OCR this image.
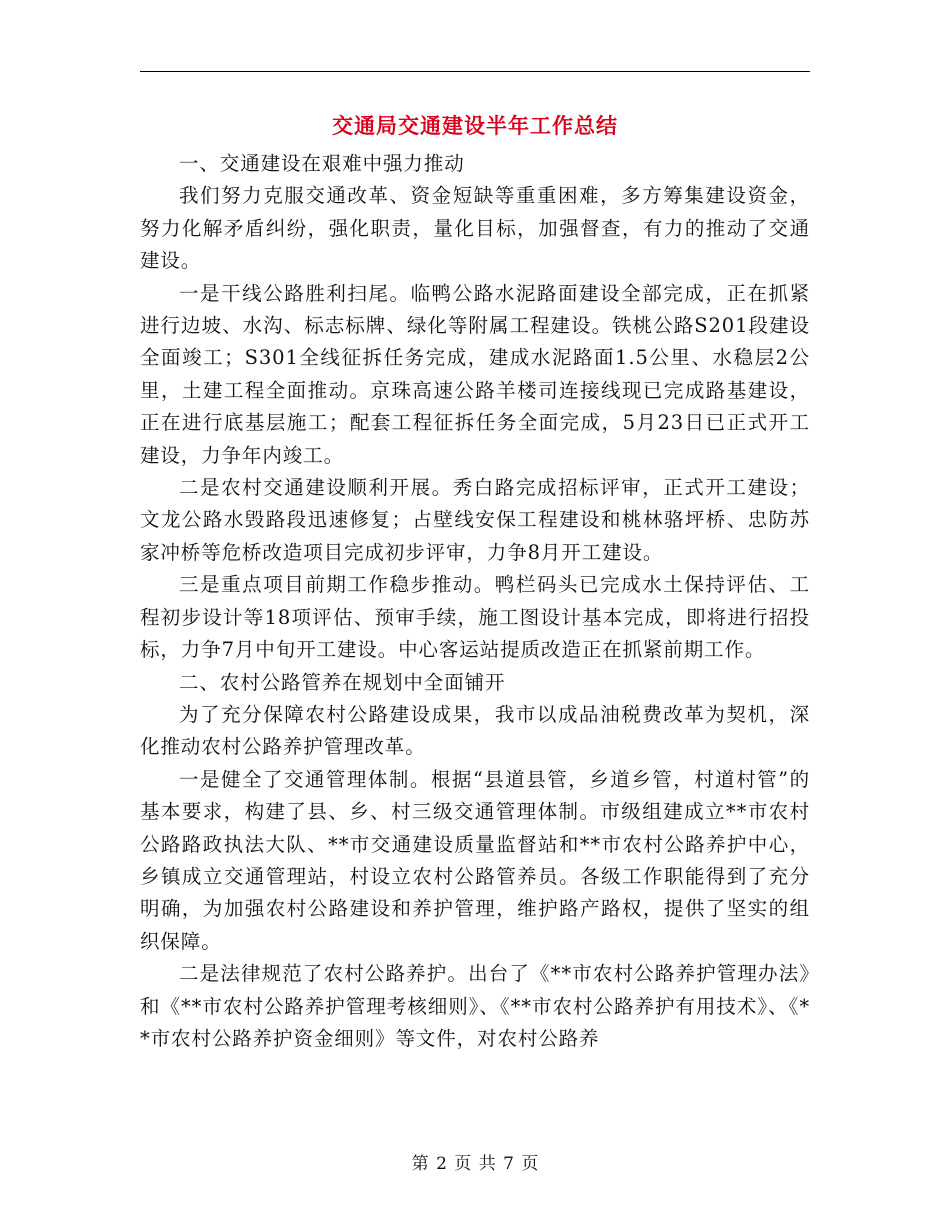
交通局交通建设半年工作总结

一、交通建设在艰难中强力推动

我们努力克服交通改革、资金短缺等重重困难，多方筹集建设资金，努力化解矛盾纠纷，强化职责，量化目标，加强督查，有力的推动了交通建设。

一是干线公路胜利扫尾。临鸭公路水泥路面建设全部完成，正在抓紧进行边坡、水沟、标志标牌、绿化等附属工程建设。铁桃公路S201段建设全面竣工；S301全线征拆任务完成，建成水泥路面1.5公里、水稳层2公里，土建工程全面推动。京珠高速公路羊楼司连接线现已完成路基建设，正在进行底基层施工；配套工程征拆任务全面完成，5月23日已正式开工建设，力争年内竣工。

二是农村交通建设顺利开展。秀白路完成招标评审，正式开工建设；文龙公路水毁路段迅速修复；占壁线安保工程建设和桃林骆坪桥、忠防苏家冲桥等危桥改造项目完成初步评审，力争8月开工建设。

三是重点项目前期工作稳步推动。鸭栏码头已完成水土保持评估、工程初步设计等18项评估、预审手续，施工图设计基本完成，即将进行招投标，力争7月中旬开工建设。中心客运站提质改造正在抓紧前期工作。

二、农村公路管养在规划中全面铺开

为了充分保障农村公路建设成果，我市以成品油税费改革为契机，深化推动农村公路养护管理改革。

一是健全了交通管理体制。根据“县道县管，乡道乡管，村道村管”的基本要求，构建了县、乡、村三级交通管理体制。市级组建成立**市农村公路路政执法大队、**市交通建设质量监督站和**市农村公路养护中心，乡镇成立交通管理站，村设立农村公路管养员。各级工作职能得到了充分明确，为加强农村公路建设和养护管理，维护路产路权，提供了坚实的组织保障。

二是法律规范了农村公路养护。出台了《**市农村公路养护管理办法》和《**市农村公路养护管理考核细则》、《**市农村公路养护有用技术》、《**市农村公路养护资金细则》等文件，对农村公路养

第 2 页 共 7 页
